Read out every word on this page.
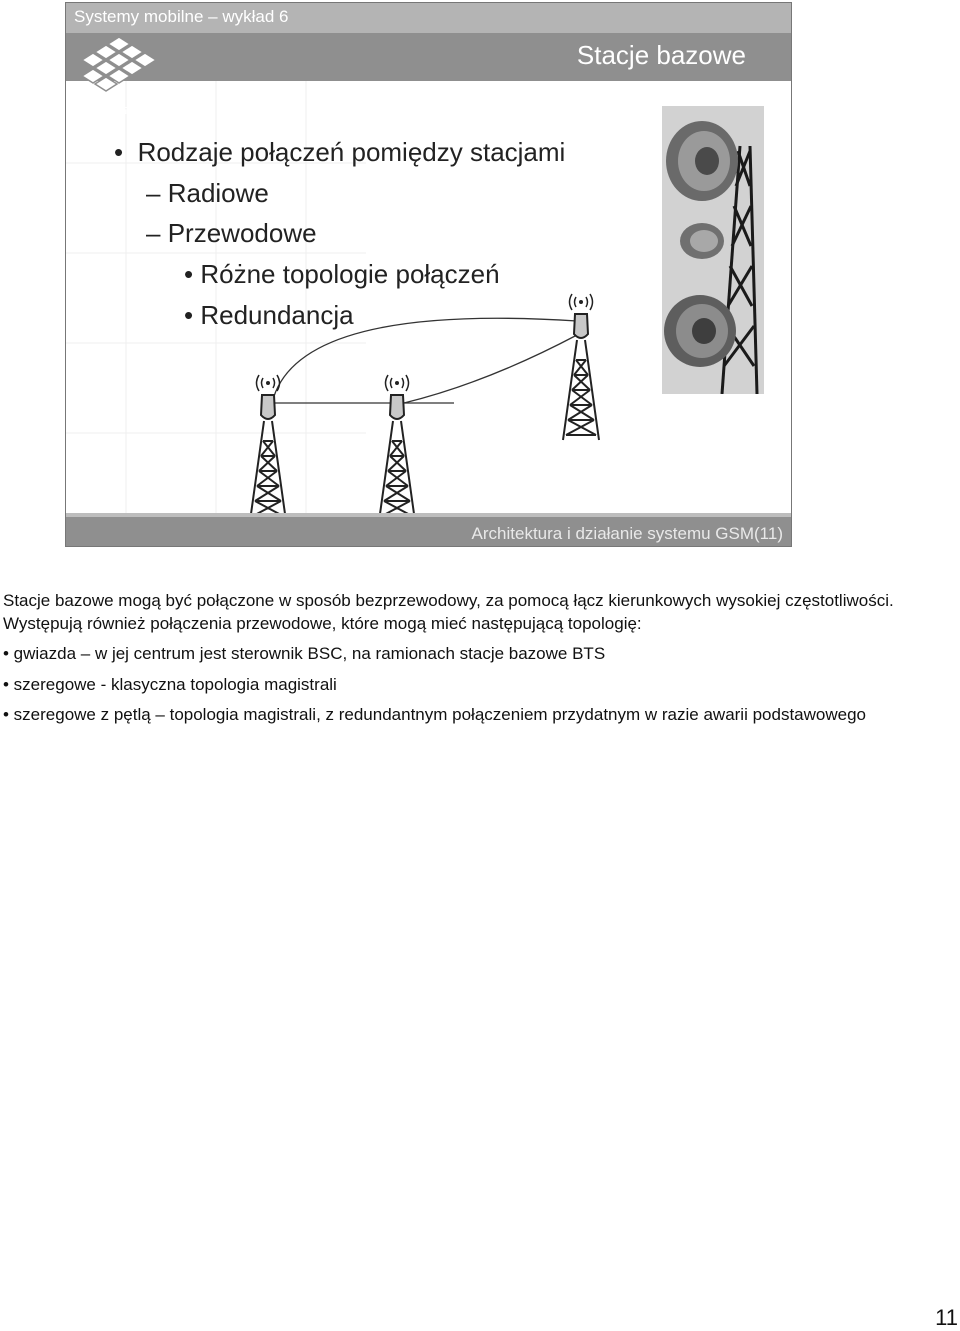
Systemy mobilne – wykład 6
Stacje bazowe
UCZELNIA
ONLINE
• Rodzaje połączeń pomiędzy stacjami
– Radiowe
– Przewodowe
• Różne topologie połączeń
• Redundancja
Architektura i działanie systemu GSM(11)

Stacje bazowe mogą być połączone w sposób bezprzewodowy, za pomocą łącz kierunkowych wysokiej częstotliwości. Występują również połączenia przewodowe, które mogą mieć następującą topologię:

• gwiazda – w jej centrum jest sterownik BSC, na ramionach stacje bazowe BTS

• szeregowe - klasyczna topologia magistrali

• szeregowe z pętlą – topologia magistrali, z redundantnym połączeniem przydatnym w razie awarii podstawowego

11
